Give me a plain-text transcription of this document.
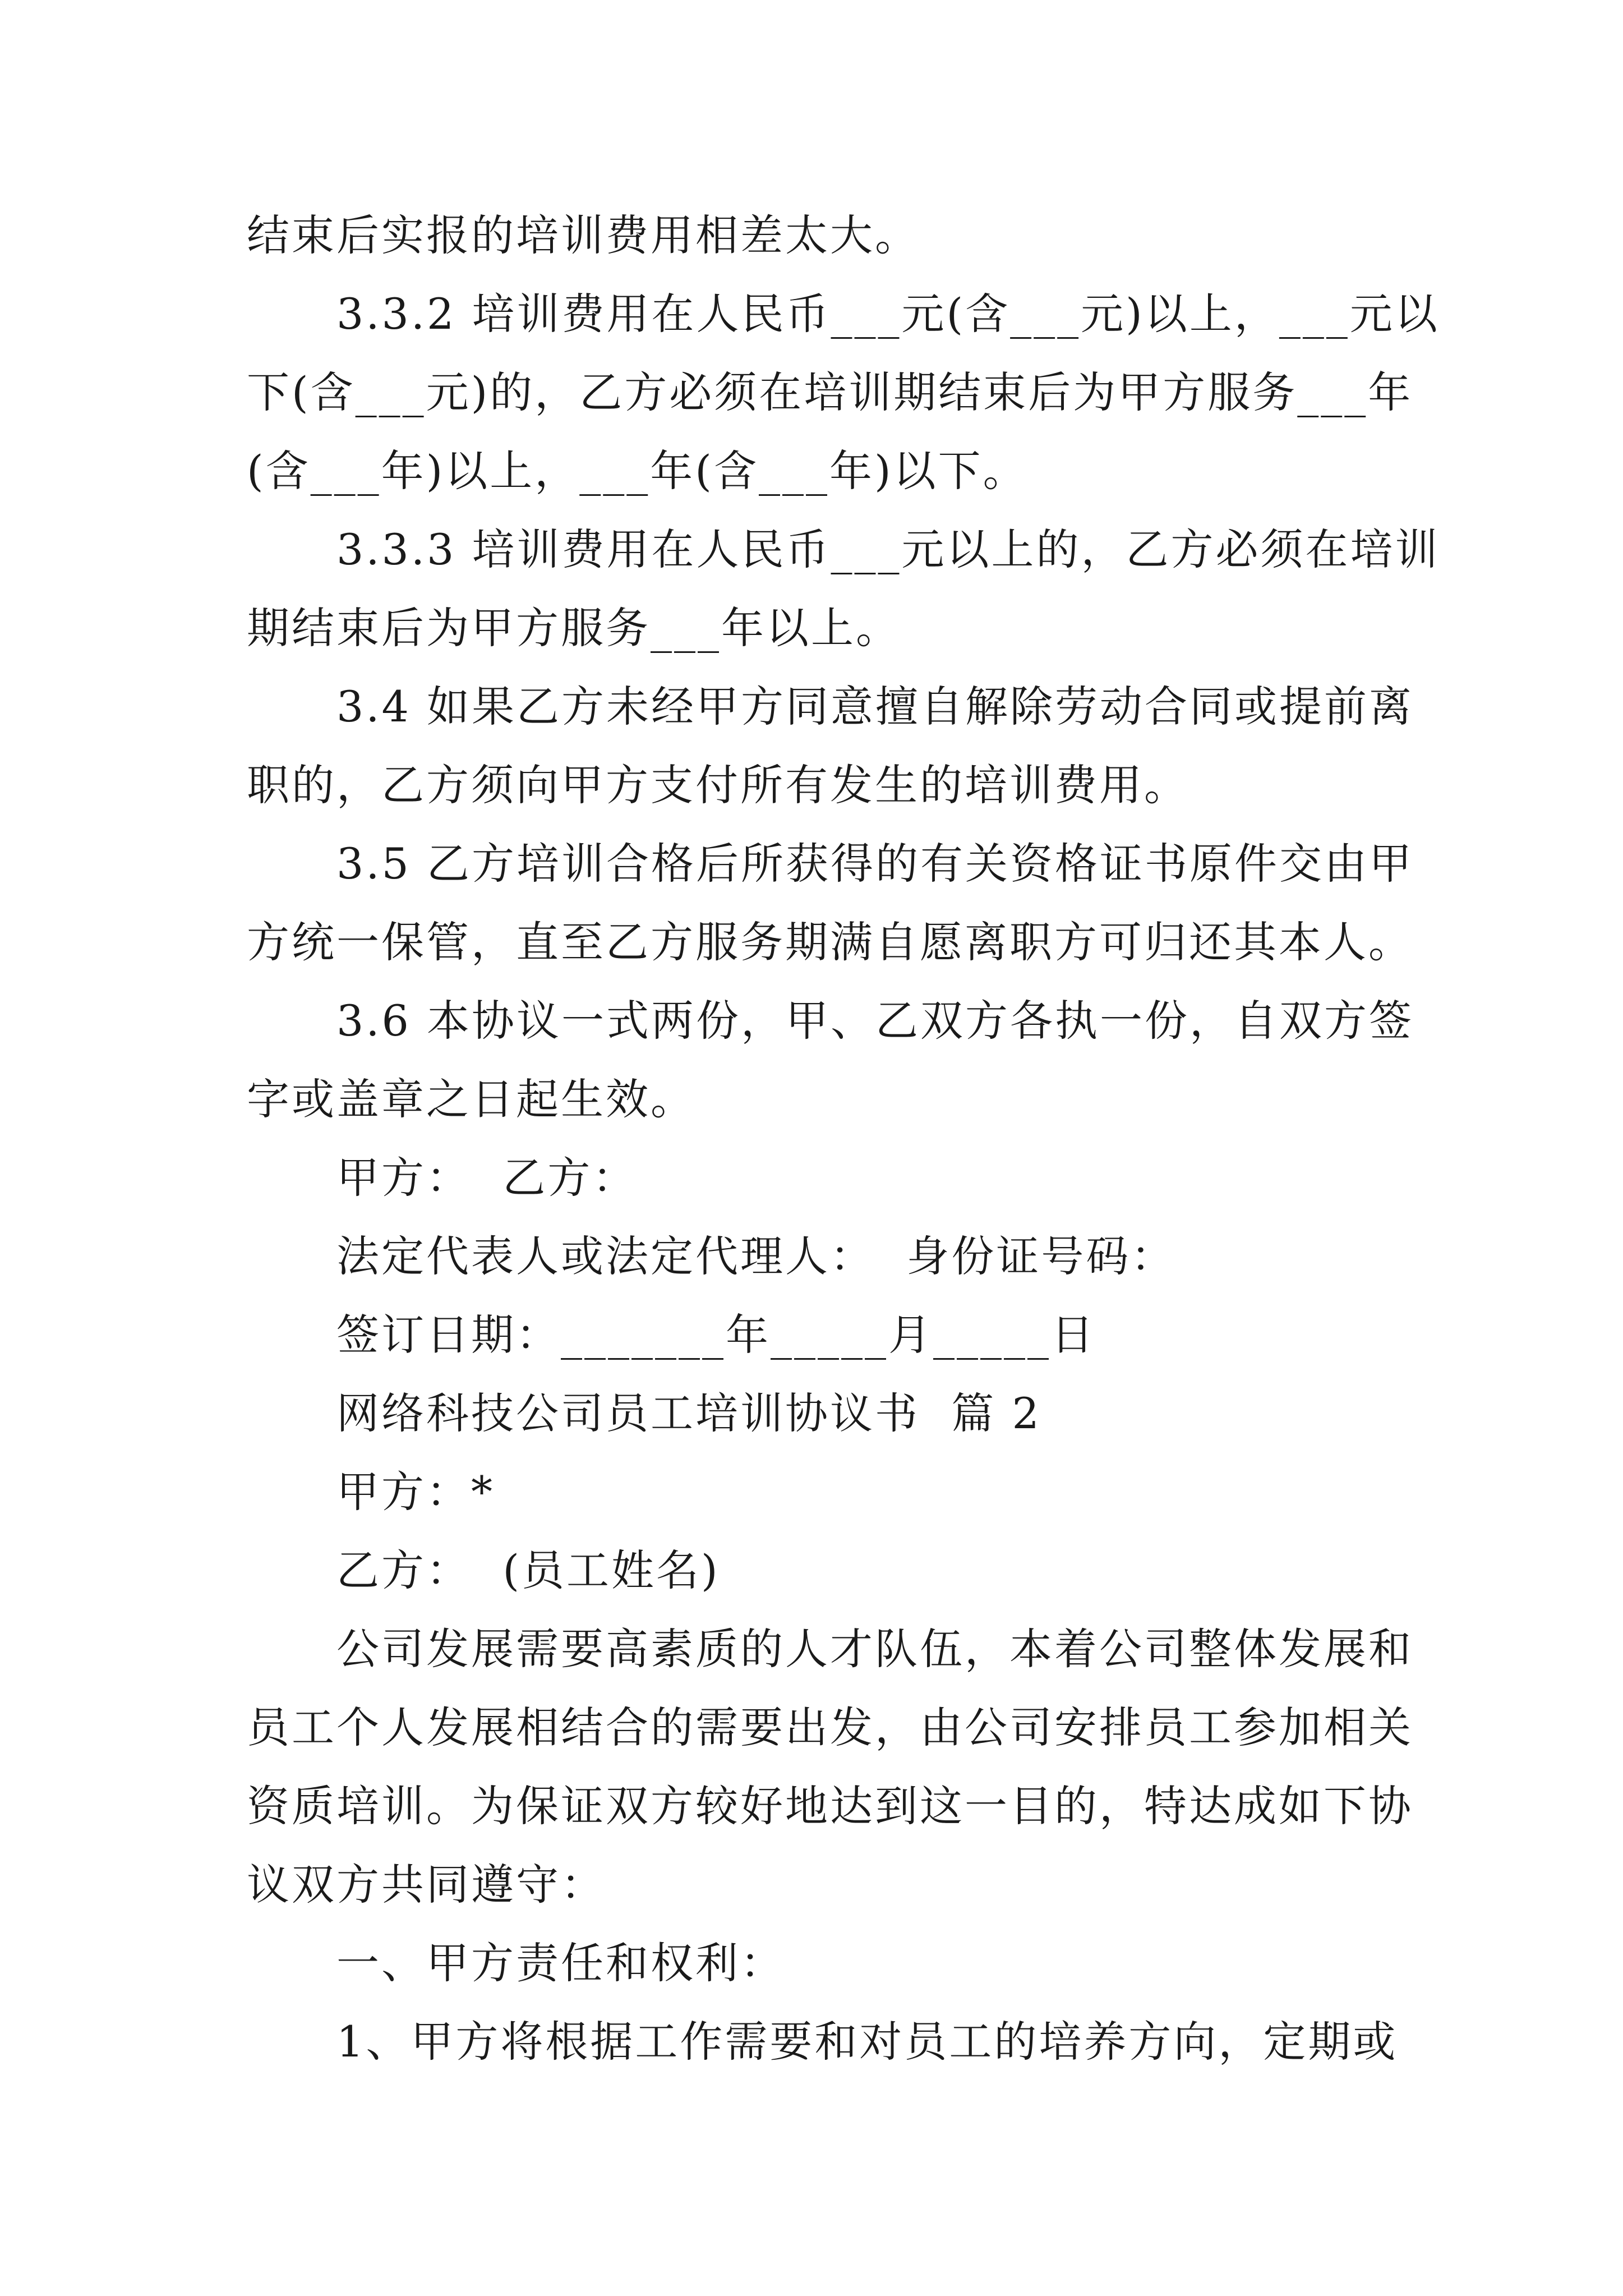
结束后实报的培训费用相差太大。

3.3.2 培训费用在人民币___元(含___元)以上，___元以

下(含___元)的，乙方必须在培训期结束后为甲方服务___年

(含___年)以上，___年(含___年)以下。

3.3.3 培训费用在人民币___元以上的，乙方必须在培训

期结束后为甲方服务___年以上。

3.4 如果乙方未经甲方同意擅自解除劳动合同或提前离

职的，乙方须向甲方支付所有发生的培训费用。

3.5 乙方培训合格后所获得的有关资格证书原件交由甲

方统一保管，直至乙方服务期满自愿离职方可归还其本人。

3.6 本协议一式两份，甲、乙双方各执一份，自双方签

字或盖章之日起生效。

甲方：  乙方：

法定代表人或法定代理人：  身份证号码：

签订日期：_______年_____月_____日

网络科技公司员工培训协议书  篇 2

甲方：*

乙方：  (员工姓名)

公司发展需要高素质的人才队伍，本着公司整体发展和

员工个人发展相结合的需要出发，由公司安排员工参加相关

资质培训。为保证双方较好地达到这一目的，特达成如下协

议双方共同遵守：

一、甲方责任和权利：

1、甲方将根据工作需要和对员工的培养方向，定期或
